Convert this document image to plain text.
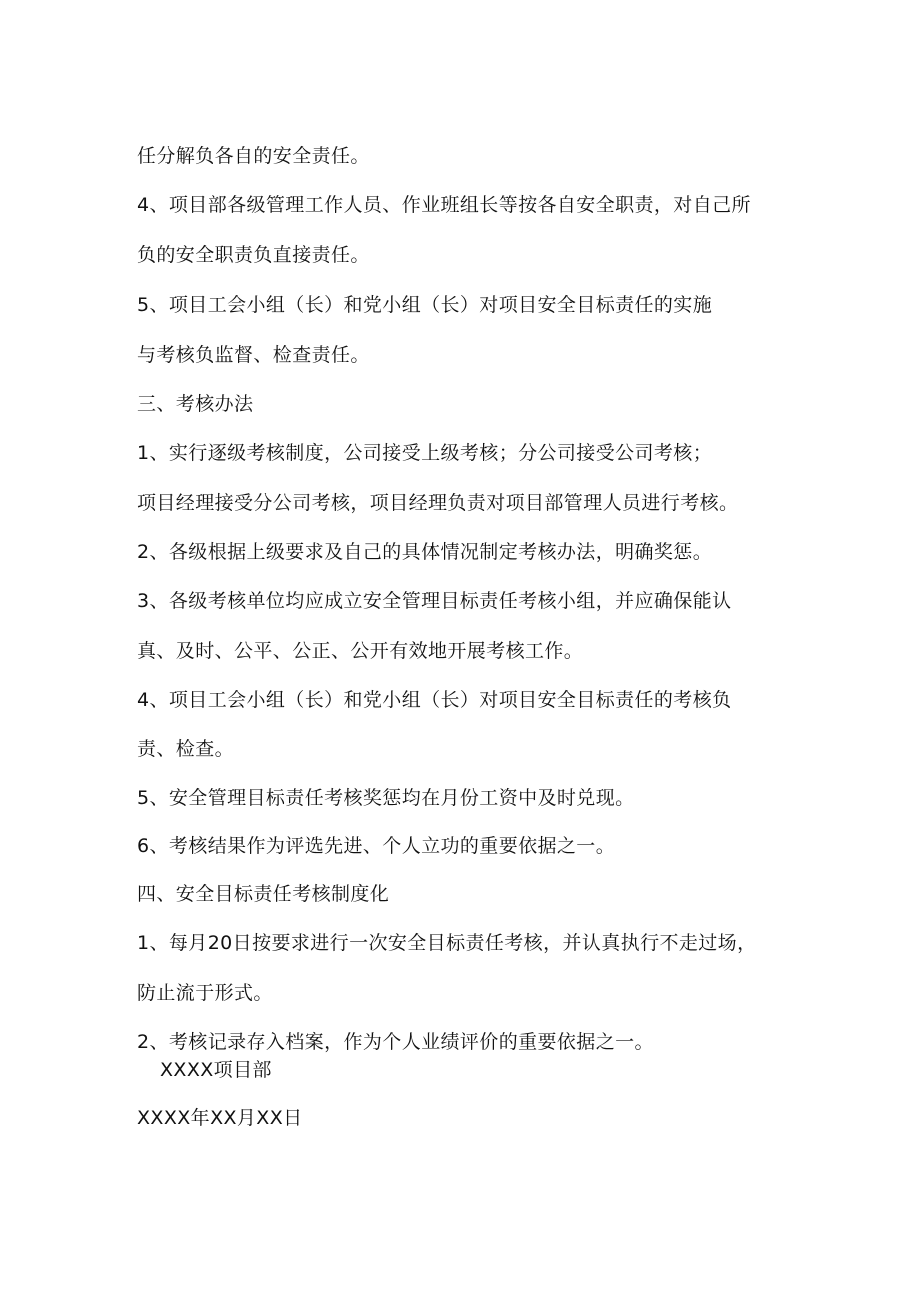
任分解负各自的安全责任。
4、项目部各级管理工作人员、作业班组长等按各自安全职责，对自己所
负的安全职责负直接责任。
5、项目工会小组（长）和党小组（长）对项目安全目标责任的实施
与考核负监督、检查责任。
三、考核办法
1、实行逐级考核制度，公司接受上级考核；分公司接受公司考核；
项目经理接受分公司考核，项目经理负责对项目部管理人员进行考核。
2、各级根据上级要求及自己的具体情况制定考核办法，明确奖惩。
3、各级考核单位均应成立安全管理目标责任考核小组，并应确保能认
真、及时、公平、公正、公开有效地开展考核工作。
4、项目工会小组（长）和党小组（长）对项目安全目标责任的考核负
责、检查。
5、安全管理目标责任考核奖惩均在月份工资中及时兑现。
6、考核结果作为评选先进、个人立功的重要依据之一。
四、安全目标责任考核制度化
1、每月20日按要求进行一次安全目标责任考核，并认真执行不走过场，
防止流于形式。
2、考核记录存入档案，作为个人业绩评价的重要依据之一。
XXXX项目部
XXXX年XX月XX日
